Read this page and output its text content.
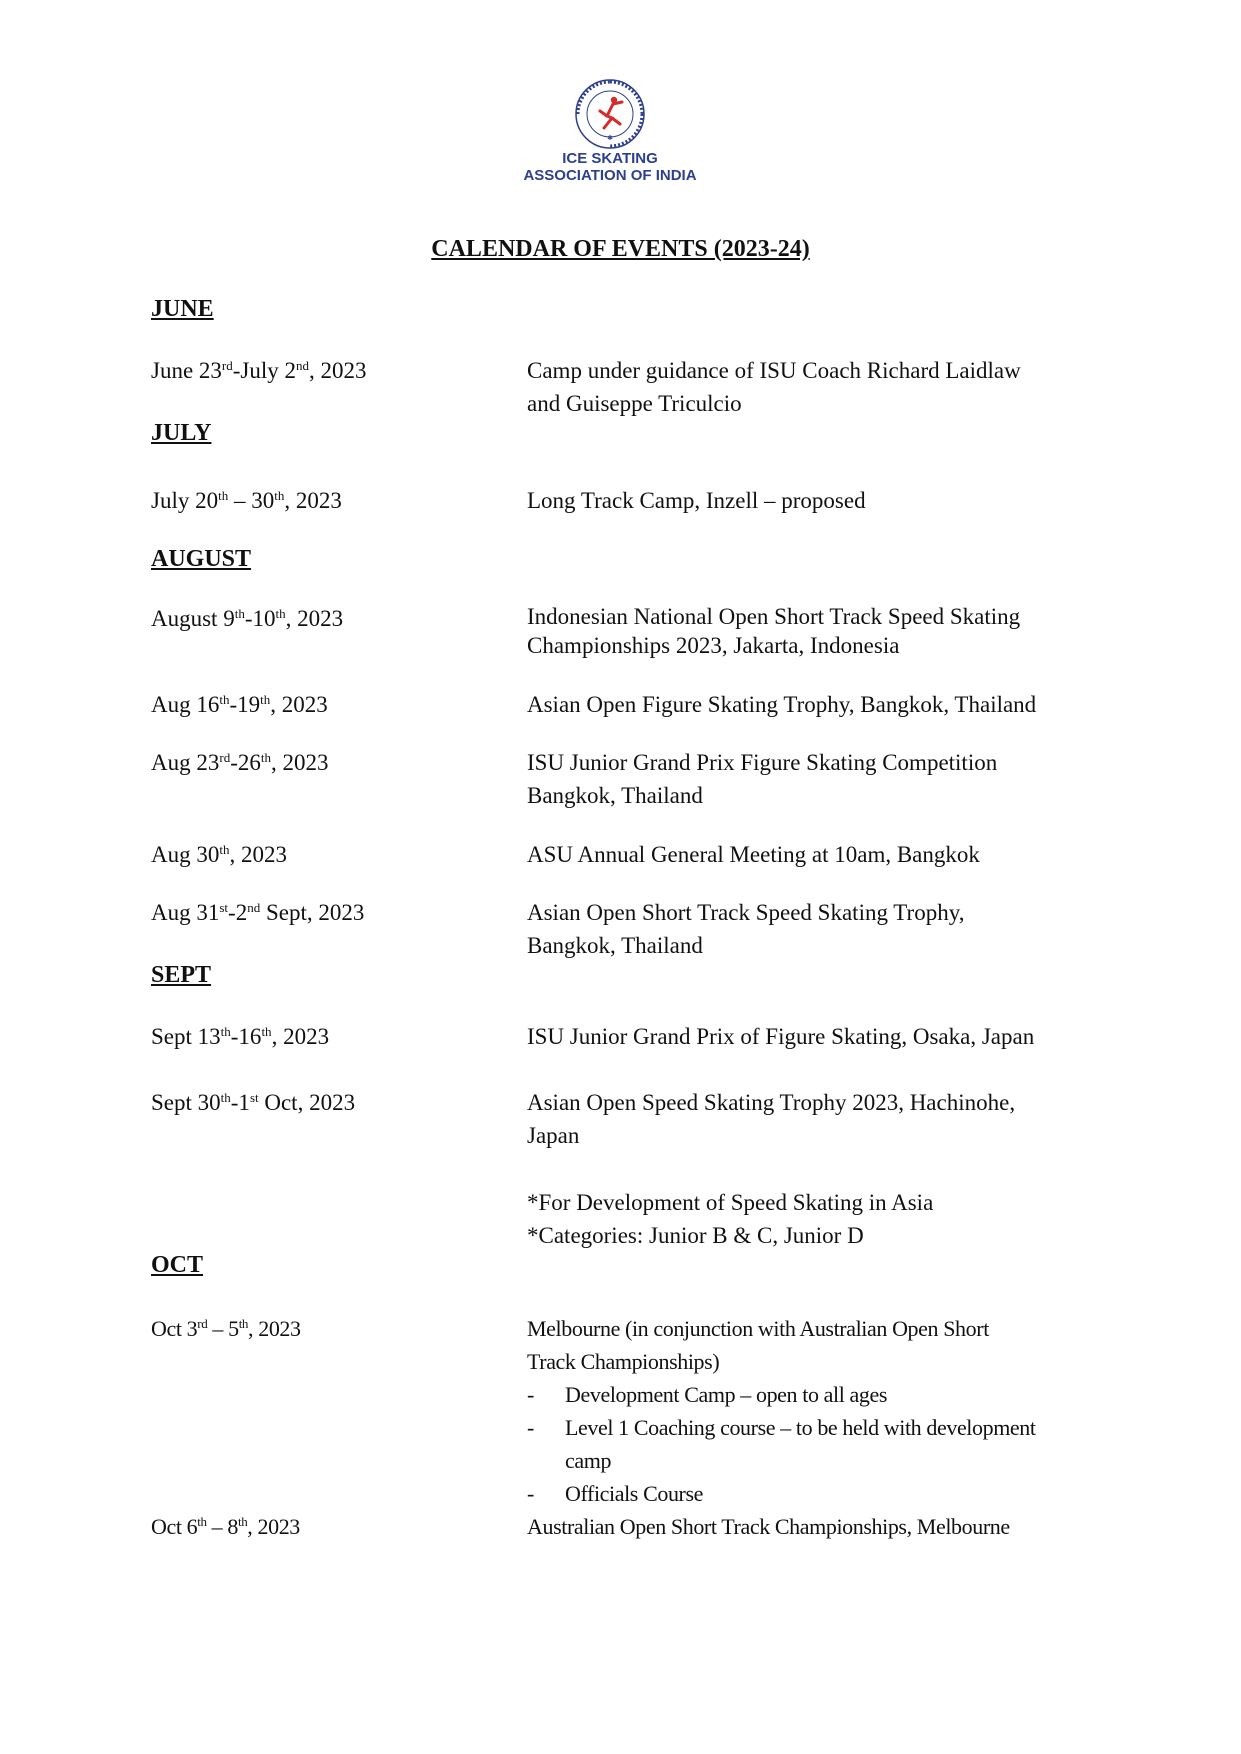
✱
ICE SKATING
ASSOCIATION OF INDIA
CALENDAR OF EVENTS (2023-24)
JUNE
June 23rd-July 2nd, 2023	Camp under guidance of ISU Coach Richard Laidlaw
and Guiseppe Triculcio
JULY
July 20th – 30th, 2023	Long Track Camp, Inzell – proposed
AUGUST
August 9th-10th, 2023	Indonesian National Open Short Track Speed Skating
Championships 2023, Jakarta, Indonesia
Aug 16th-19th, 2023	Asian Open Figure Skating Trophy, Bangkok, Thailand
Aug 23rd-26th, 2023	ISU Junior Grand Prix Figure Skating Competition
Bangkok, Thailand
Aug 30th, 2023	ASU Annual General Meeting at 10am, Bangkok
Aug 31st-2nd Sept, 2023	Asian Open Short Track Speed Skating Trophy,
Bangkok, Thailand
SEPT
Sept 13th-16th, 2023	ISU Junior Grand Prix of Figure Skating, Osaka, Japan
Sept 30th-1st Oct, 2023	Asian Open Speed Skating Trophy 2023, Hachinohe,
Japan
*For Development of Speed Skating in Asia
*Categories: Junior B & C, Junior D
OCT
Oct 3rd – 5th, 2023	Melbourne (in conjunction with Australian Open Short
Track Championships)
-	Development Camp – open to all ages
-	Level 1 Coaching course – to be held with development
camp
-	Officials Course
Oct 6th – 8th, 2023	Australian Open Short Track Championships, Melbourne
